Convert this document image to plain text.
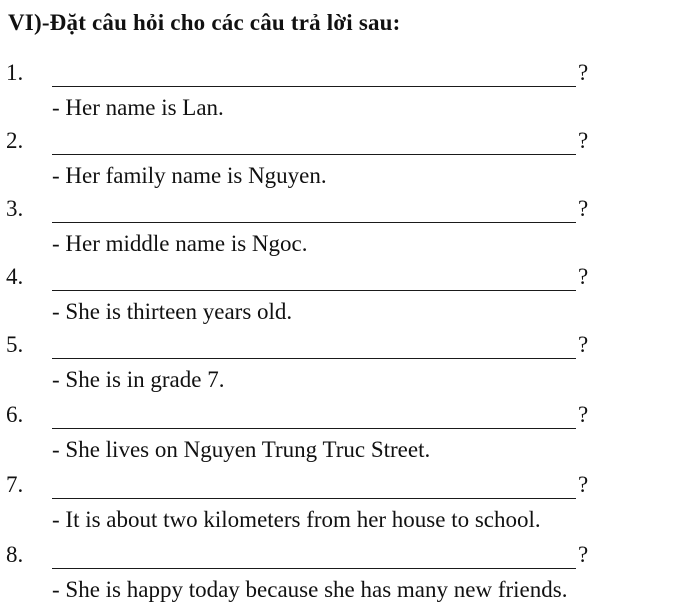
VI)-Đặt câu hỏi cho các câu trả lời sau:
1.	?
- Her name is Lan.
2.	?
- Her family name is Nguyen.
3.	?
- Her middle name is Ngoc.
4.	?
- She is thirteen years old.
5.	?
- She is in grade 7.
6.	?
- She lives on Nguyen Trung Truc Street.
7.	?
- It is about two kilometers from her house to school.
8.	?
- She is happy today because she has many new friends.
